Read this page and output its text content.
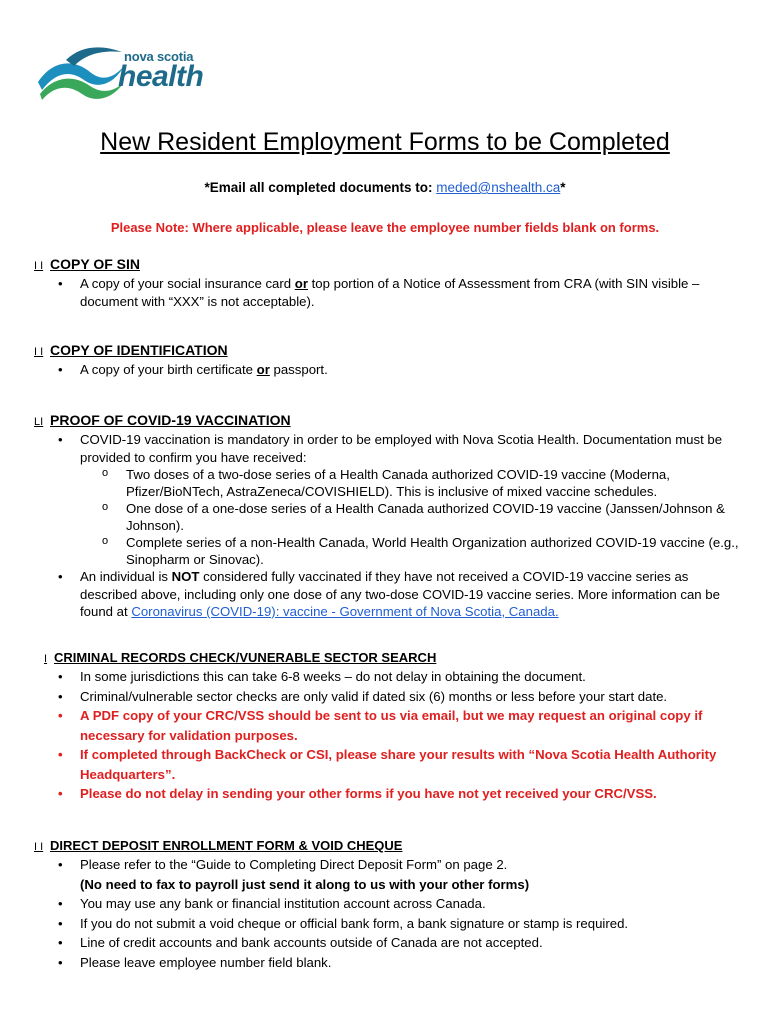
nova scotia
health
New Resident Employment Forms to be Completed
*Email all completed documents to: meded@nshealth.ca*
Please Note: Where applicable, please leave the employee number fields blank on forms.
I I COPY OF SIN
• A copy of your social insurance card or top portion of a Notice of Assessment from CRA (with SIN visible – document with “XXX” is not acceptable).
I I COPY OF IDENTIFICATION
• A copy of your birth certificate or passport.
LI PROOF OF COVID-19 VACCINATION
• COVID-19 vaccination is mandatory in order to be employed with Nova Scotia Health. Documentation must be provided to confirm you have received:
o Two doses of a two-dose series of a Health Canada authorized COVID-19 vaccine (Moderna, Pfizer/BioNTech, AstraZeneca/COVISHIELD). This is inclusive of mixed vaccine schedules.
o One dose of a one-dose series of a Health Canada authorized COVID-19 vaccine (Janssen/Johnson & Johnson).
o Complete series of a non-Health Canada, World Health Organization authorized COVID-19 vaccine (e.g., Sinopharm or Sinovac).
• An individual is NOT considered fully vaccinated if they have not received a COVID-19 vaccine series as described above, including only one dose of any two-dose COVID-19 vaccine series. More information can be found at Coronavirus (COVID-19): vaccine - Government of Nova Scotia, Canada.
I CRIMINAL RECORDS CHECK/VUNERABLE SECTOR SEARCH
• In some jurisdictions this can take 6-8 weeks – do not delay in obtaining the document.
• Criminal/vulnerable sector checks are only valid if dated six (6) months or less before your start date.
• A PDF copy of your CRC/VSS should be sent to us via email, but we may request an original copy if necessary for validation purposes.
• If completed through BackCheck or CSI, please share your results with “Nova Scotia Health Authority Headquarters”.
• Please do not delay in sending your other forms if you have not yet received your CRC/VSS.
I I DIRECT DEPOSIT ENROLLMENT FORM & VOID CHEQUE
• Please refer to the “Guide to Completing Direct Deposit Form” on page 2.
(No need to fax to payroll just send it along to us with your other forms)
• You may use any bank or financial institution account across Canada.
• If you do not submit a void cheque or official bank form, a bank signature or stamp is required.
• Line of credit accounts and bank accounts outside of Canada are not accepted.
• Please leave employee number field blank.
